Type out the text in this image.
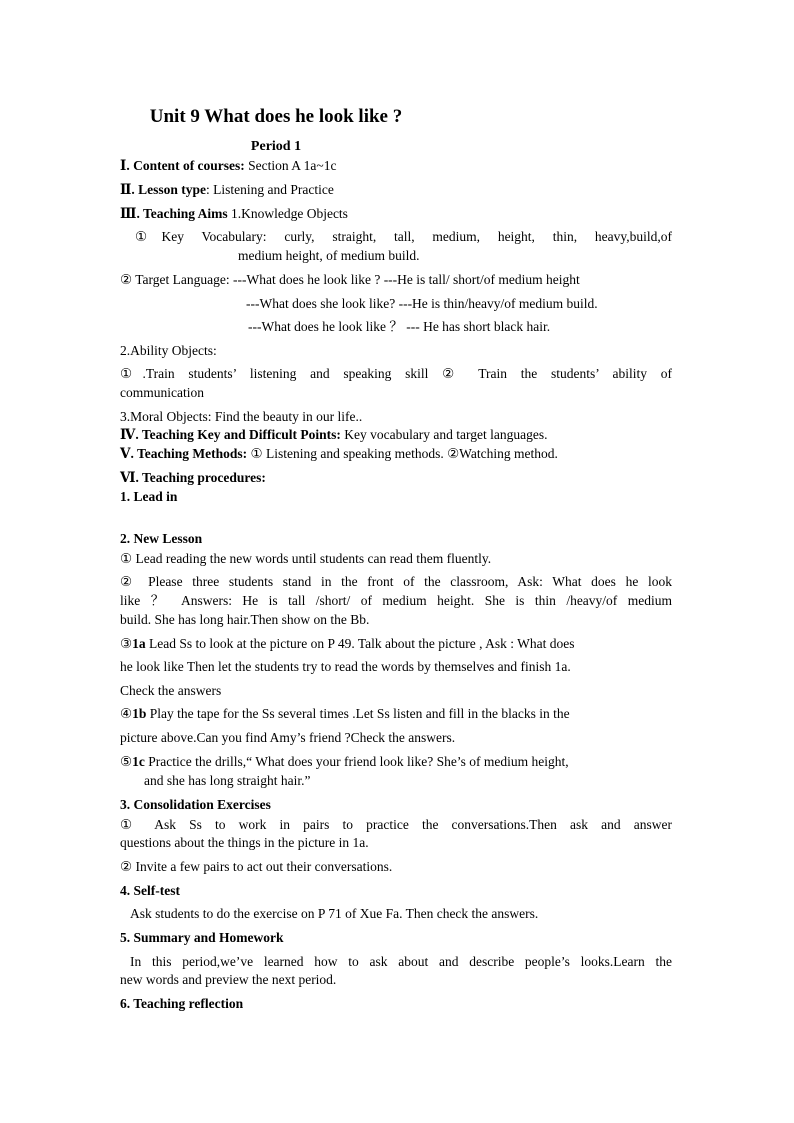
Unit 9 What does he look like ?
Period 1
Ⅰ. Content of courses: Section A 1a~1c
Ⅱ. Lesson type: Listening and Practice
Ⅲ. Teaching Aims 1.Knowledge Objects
①Key Vocabulary: curly, straight, tall, medium, height, thin, heavy,build,of
medium height, of medium build.
② Target Language: ---What does he look like ? ---He is tall/ short/of medium height
---What does she look like? ---He is thin/heavy/of medium build.
---What does he look like ？ --- He has short black hair.
2.Ability Objects:
①.Train students’ listening and speaking skill ② Train the students’ ability of
communication
3.Moral Objects: Find the beauty in our life..
Ⅳ. Teaching Key and Difficult Points: Key vocabulary and target languages.
Ⅴ. Teaching Methods: ① Listening and speaking methods. ②Watching method.
Ⅵ. Teaching procedures:
1. Lead in
2. New Lesson
① Lead reading the new words until students can read them fluently.
② Please three students stand in the front of the classroom, Ask: What does he look
like ？ Answers: He is tall /short/ of medium height. She is thin /heavy/of medium
build. She has long hair.Then show on the Bb.
③1a Lead Ss to look at the picture on P 49. Talk about the picture , Ask : What does
he look like Then let the students try to read the words by themselves and finish 1a.
Check the answers
④1b Play the tape for the Ss several times .Let Ss listen and fill in the blacks in the
picture above.Can you find Amy’s friend ?Check the answers.
⑤1c Practice the drills,“ What does your friend look like? She’s of medium height,
and she has long straight hair.”
3. Consolidation Exercises
① Ask Ss to work in pairs to practice the conversations.Then ask and answer
questions about the things in the picture in 1a.
② Invite a few pairs to act out their conversations.
4. Self-test
Ask students to do the exercise on P 71 of Xue Fa. Then check the answers.
5. Summary and Homework
In this period,we’ve learned how to ask about and describe people’s looks.Learn the
new words and preview the next period.
6. Teaching reflection
